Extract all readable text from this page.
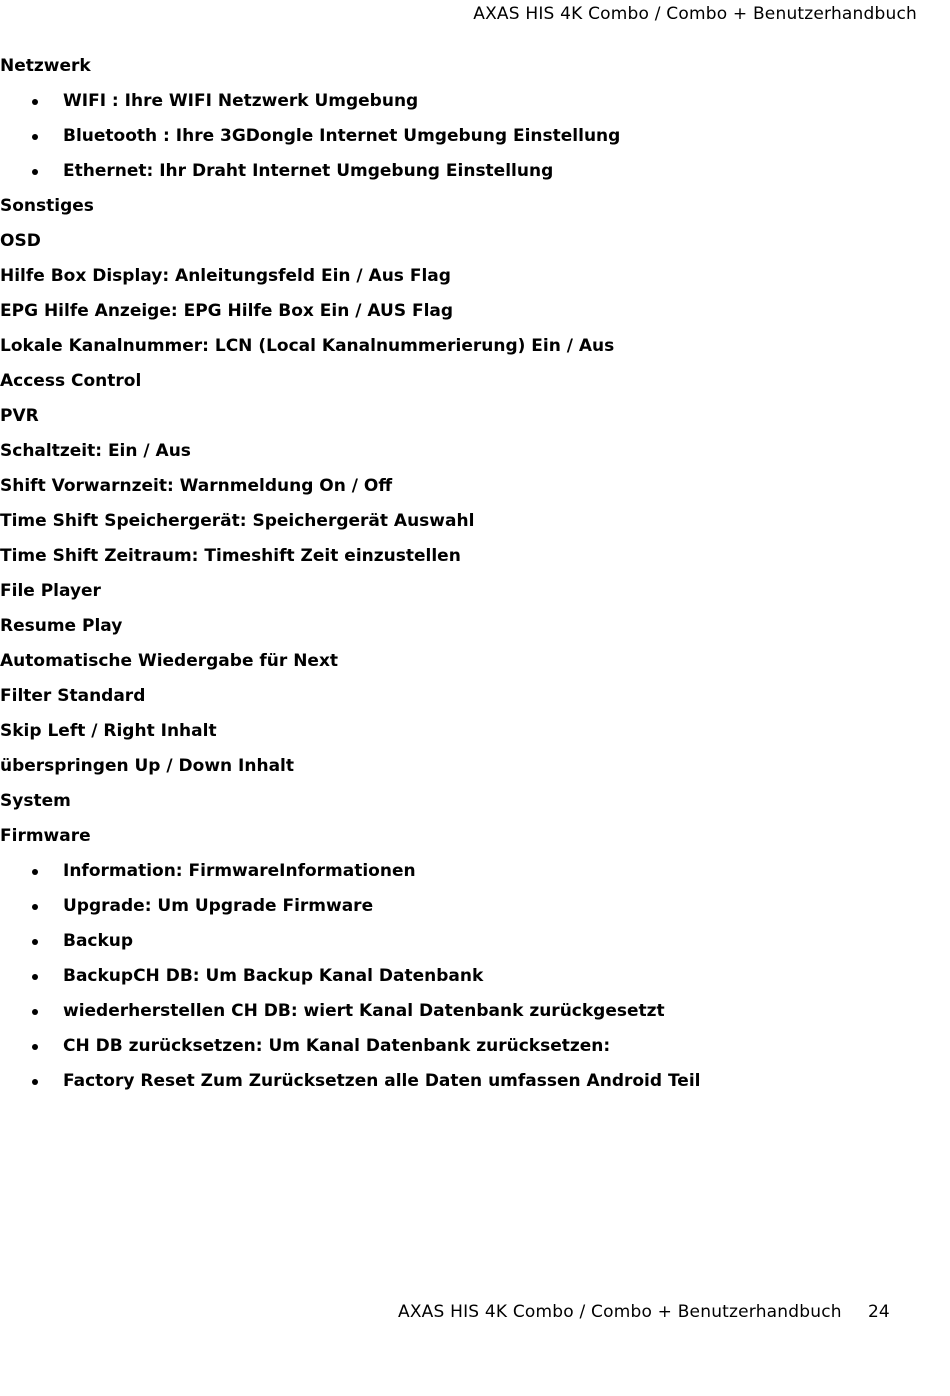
AXAS HIS 4K Combo / Combo + Benutzerhandbuch
Netzwerk
WIFI : Ihre WIFI Netzwerk Umgebung
Bluetooth : Ihre 3GDongle Internet Umgebung Einstellung
Ethernet: Ihr Draht Internet Umgebung Einstellung
Sonstiges
OSD
Hilfe Box Display: Anleitungsfeld Ein / Aus Flag
EPG Hilfe Anzeige: EPG Hilfe Box Ein / AUS Flag
Lokale Kanalnummer: LCN (Local Kanalnummerierung) Ein / Aus
Access Control
PVR
Schaltzeit: Ein / Aus
Shift Vorwarnzeit: Warnmeldung On / Off
Time Shift Speichergerät: Speichergerät Auswahl
Time Shift Zeitraum: Timeshift Zeit einzustellen
File Player
Resume Play
Automatische Wiedergabe für Next
Filter Standard
Skip Left / Right Inhalt
überspringen Up / Down Inhalt
System
Firmware
Information: FirmwareInformationen
Upgrade: Um Upgrade Firmware
Backup
BackupCH DB: Um Backup Kanal Datenbank
wiederherstellen CH DB: wiert Kanal Datenbank zurückgesetzt
CH DB zurücksetzen: Um Kanal Datenbank zurücksetzen:
Factory Reset Zum Zurücksetzen alle Daten umfassen Android Teil
AXAS HIS 4K Combo / Combo + Benutzerhandbuch 24
